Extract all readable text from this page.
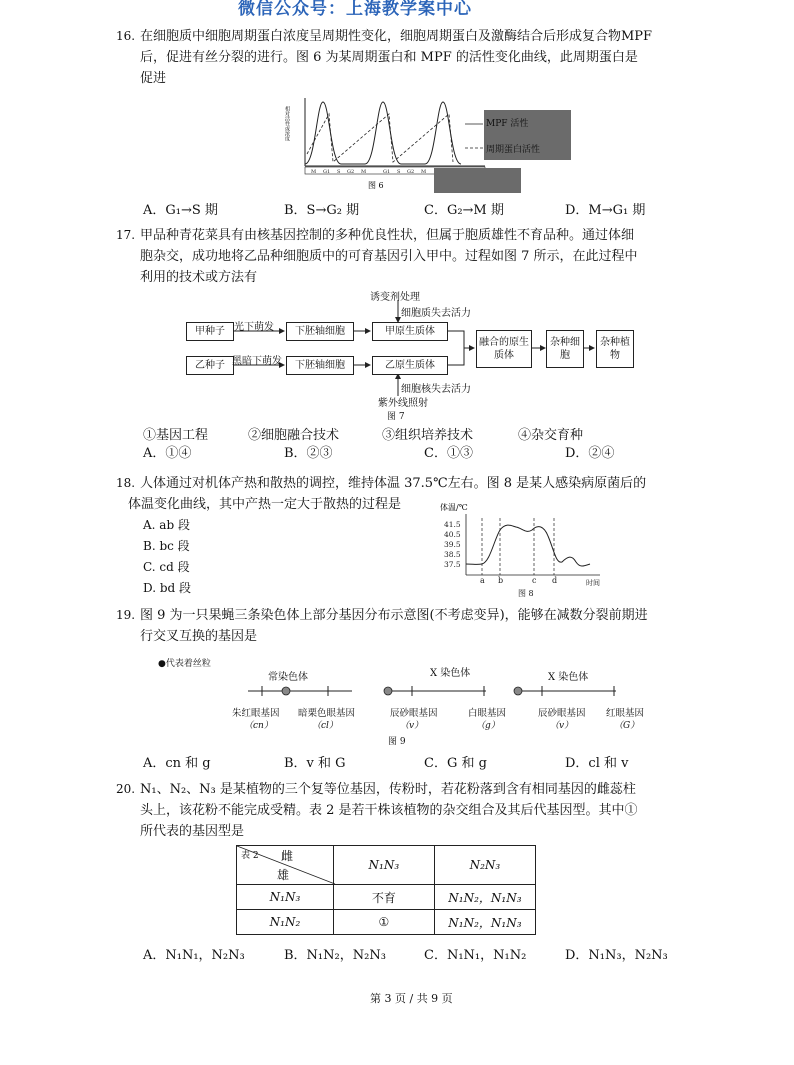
微信公众号：上海教学案中心
16. 在细胞质中细胞周期蛋白浓度呈周期性变化，细胞周期蛋白及激酶结合后形成复合物MPF
后，促进有丝分裂的进行。图 6 为某周期蛋白和 MPF 的活性变化曲线，此周期蛋白是
促进
相对活性或浓度
M G1 S G2 M	G1 S G2 M
图 6
MPF 活性
周期蛋白活性
A．G₁→S 期	B．S→G₂ 期	C．G₂→M 期	D．M→G₁ 期
17. 甲品种青花菜具有由核基因控制的多种优良性状，但属于胞质雄性不育品种。通过体细
胞杂交，成功地将乙品种细胞质中的可育基因引入甲中。过程如图 7 所示，在此过程中
利用的技术或方法有
甲种子
乙种子
光下萌发
黑暗下萌发
下胚轴细胞
下胚轴细胞
诱变剂处理
细胞质失去活力
甲原生质体
乙原生质体
细胞核失去活力
紫外线照射
融合的原生质体
杂种细胞
杂种植物
图 7
①基因工程	②细胞融合技术	③组织培养技术	④杂交育种
A．①④	B．②③	C．①③	D．②④
18. 人体通过对机体产热和散热的调控，维持体温 37.5℃左右。图 8 是某人感染病原菌后的
体温变化曲线，其中产热一定大于散热的过程是
A. ab 段
B. bc 段
C. cd 段
D. bd 段
体温/℃
41.5
40.5
39.5
38.5
37.5
a b	c d	时间
图 8
19. 图 9 为一只果蝇三条染色体上部分基因分布示意图(不考虑变异)，能够在减数分裂前期进
行交叉互换的基因是
●代表着丝粒
常染色体	X 染色体	X 染色体
朱红眼基因
（cn）
暗栗色眼基因
（cl）
辰砂眼基因
（v）
白眼基因
（g）
辰砂眼基因
（v）
红眼基因
（G）
图 9
A．cn 和 g	B．v 和 G	C．G 和 g	D．cl 和 v
20. N₁、N₂、N₃ 是某植物的三个复等位基因，传粉时，若花粉落到含有相同基因的雌蕊柱
头上，该花粉不能完成受精。表 2 是若干株该植物的杂交组合及其后代基因型。其中①
所代表的基因型是
表 2 雌
雄	N₁N₃	N₂N₃
N₁N₃	不育	N₁N₂，N₁N₃
N₁N₂	①	N₁N₂，N₁N₃
A．N₁N₁，N₂N₃	B．N₁N₂，N₂N₃	C．N₁N₁，N₁N₂	D．N₁N₃，N₂N₃
第 3 页 / 共 9 页
